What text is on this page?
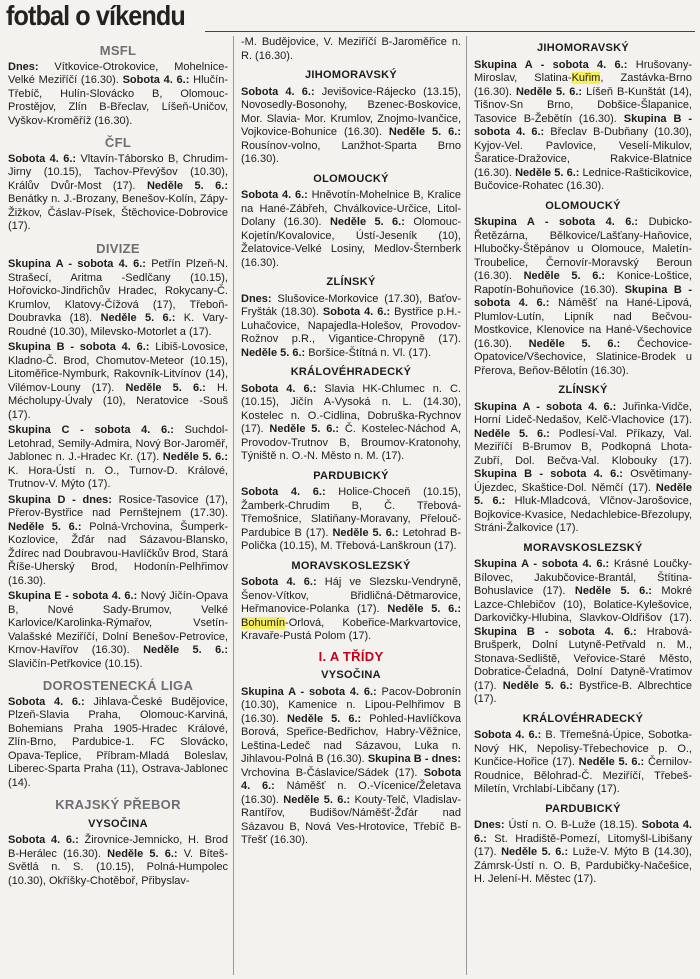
fotbal o víkendu
MSFL
Dnes: Vítkovice-Otrokovice, Mohelnice-Velké Meziříčí (16.30). Sobota 4. 6.: Hlučín-Třebíč, Hulín-Slovácko B, Olomouc-Prostějov, Zlín B-Břeclav, Líšeň-Uničov, Vyškov-Kroměříž (16.30).
ČFL
Sobota 4. 6.: Vltavín-Táborsko B, Chrudim-Jirny (10.15), Tachov-Převýšov (10.30), Králův Dvůr-Most (17). Neděle 5. 6.: Benátky n. J.-Brozany, Benešov-Kolín, Zápy-Žižkov, Čáslav-Písek, Štěchovice-Dobrovice (17).
DIVIZE
Skupina A - sobota 4. 6.: Petřín Plzeň-N. Strašecí, Aritma -Sedlčany (10.15), Hořovicko-Jindřichův Hradec, Rokycany-Č. Krumlov, Klatovy-Čížová (17), Třeboň-Doubravka (18). Neděle 5. 6.: K. Vary-Roudné (10.30), Milevsko-Motorlet a (17).
Skupina B - sobota 4. 6.: Libiš-Lovosice, Kladno-Č. Brod, Chomutov-Meteor (10.15), Litoměřice-Nymburk, Rakovník-Litvínov (14), Vilémov-Louny (17). Neděle 5. 6.: H. Mécholupy-Úvaly (10), Neratovice -Souš (17).
Skupina C - sobota 4. 6.: Suchdol-Letohrad, Semily-Admira, Nový Bor-Jaroměř, Jablonec n. J.-Hradec Kr. (17). Neděle 5. 6.: K. Hora-Ústí n. O., Turnov-D. Králové, Trutnov-V. Mýto (17).
Skupina D - dnes: Rosice-Tasovice (17), Přerov-Bystřice nad Pernštejnem (17.30). Neděle 5. 6.: Polná-Vrchovina, Šumperk-Kozlovice, Žďár nad Sázavou-Blansko, Ždírec nad Doubravou-Havlíčkův Brod, Stará Říše-Uherský Brod, Hodonín-Pelhřimov (16.30).
Skupina E - sobota 4. 6.: Nový Jičín-Opava B, Nové Sady-Brumov, Velké Karlovice/Karolinka-Rýmařov, Vsetín-Valašské Meziříčí, Dolní Benešov-Petrovice, Krnov-Havířov (16.30). Neděle 5. 6.: Slavičín-Petřkovice (10.15).
DOROSTENECKÁ LIGA
Sobota 4. 6.: Jihlava-České Budějovice, Plzeň-Slavia Praha, Olomouc-Karviná, Bohemians Praha 1905-Hradec Králové, Zlín-Brno, Pardubice-1. FC Slovácko, Opava-Teplice, Příbram-Mladá Boleslav, Liberec-Sparta Praha (11), Ostrava-Jablonec (14).
KRAJSKÝ PŘEBOR
VYSOČINA
Sobota 4. 6.: Žirovnice-Jemnicko, H. Brod B-Herálec (16.30). Neděle 5. 6.: V. Bíteš-Světlá n. S. (10.15), Polná-Humpolec (10.30), Okříšky-Chotěboř, Přibyslav-
-M. Budějovice, V. Meziříčí B-Jaroměřice n. R. (16.30).
JIHOMORAVSKÝ
Sobota 4. 6.: Jevišovice-Rájecko (13.15), Novosedly-Bosonohy, Bzenec-Boskovice, Mor. Slavia- Mor. Krumlov, Znojmo-Ivančice, Vojkovice-Bohunice (16.30). Neděle 5. 6.: Rousínov-volno, Lanžhot-Sparta Brno (16.30).
OLOMOUCKÝ
Sobota 4. 6.: Hněvotín-Mohelnice B, Kralice na Hané-Zábřeh, Chválkovice-Určice, Litol-Dolany (16.30). Neděle 5. 6.: Olomouc-Kojetín/Kovalovice, Ústí-Jeseník (10), Želatovice-Velké Losiny, Medlov-Šternberk (16.30).
ZLÍNSKÝ
Dnes: Slušovice-Morkovice (17.30), Baťov-Fryšták (18.30). Sobota 4. 6.: Bystřice p.H.-Luhačovice, Napajedla-Holešov, Provodov-Rožnov p.R., Vigantice-Chropyně (17). Neděle 5. 6.: Boršice-Štítná n. Vl. (17).
KRÁLOVÉHRADECKÝ
Sobota 4. 6.: Slavia HK-Chlumec n. C. (10.15), Jičín A-Vysoká n. L. (14.30), Kostelec n. O.-Cidlina, Dobruška-Rychnov (17). Neděle 5. 6.: Č. Kostelec-Náchod A, Provodov-Trutnov B, Broumov-Kratonohy, Týniště n. O.-N. Město n. M. (17).
PARDUBICKÝ
Sobota 4. 6.: Holice-Choceň (10.15), Žamberk-Chrudim B, Č. Třebová-Třemošnice, Slatiňany-Moravany, Přelouč-Pardubice B (17). Neděle 5. 6.: Letohrad B-Polička (10.15), M. Třebová-Lanškroun (17).
MORAVSKOSLEZSKÝ
Sobota 4. 6.: Háj ve Slezsku-Vendryně, Šenov-Vítkov, Břidličná-Dětmarovice, Heřmanovice-Polanka (17). Neděle 5. 6.: Bohumín-Orlová, Kobeřice-Markvartovice, Kravaře-Pustá Polom (17).
I. A TŘÍDY
VYSOČINA
Skupina A - sobota 4. 6.: Pacov-Dobronín (10.30), Kamenice n. Lipou-Pelhřimov B (16.30). Neděle 5. 6.: Pohled-Havlíčkova Borová, Speřice-Bedřichov, Habry-Věžnice, Leština-Ledeč nad Sázavou, Luka n. Jihlavou-Polná B (16.30). Skupina B - dnes: Vrchovina B-Čáslavice/Sádek (17). Sobota 4. 6.: Náměšť n. O.-Vícenice/Želetava (16.30). Neděle 5. 6.: Kouty-Telč, Vladislav-Rantířov, Budišov/Náměšť-Žďár nad Sázavou B, Nová Ves-Hrotovice, Třebíč B-Třešť (16.30).
JIHOMORAVSKÝ
Skupina A - sobota 4. 6.: Hrušovany-Miroslav, Slatina-Kuřim, Zastávka-Brno (16.30). Neděle 5. 6.: Líšeň B-Kunštát (14), Tišnov-Sn Brno, Dobšice-Šlapanice, Tasovice B-Žebětín (16.30). Skupina B - sobota 4. 6.: Břeclav B-Dubňany (10.30), Kyjov-Vel. Pavlovice, Veselí-Mikulov, Šaratice-Dražovice, Rakvice-Blatnice (16.30). Neděle 5. 6.: Lednice-Rašticikovice, Bučovice-Rohatec (16.30).
OLOMOUCKÝ
Skupina A - sobota 4. 6.: Dubicko-Řetězárna, Bělkovice/Lašťany-Haňovice, Hlubočky-Štěpánov u Olomouce, Maletín-Troubelice, Černovír-Moravský Beroun (16.30). Neděle 5. 6.: Konice-Loštice, Rapotín-Bohuňovice (16.30). Skupina B - sobota 4. 6.: Náměšť na Hané-Lipová, Plumlov-Lutín, Lipník nad Bečvou-Mostkovice, Klenovice na Hané-Všechovice (16.30). Neděle 5. 6.: Čechovice-Opatovice/Všechovice, Slatinice-Brodek u Přerova, Beňov-Bělotín (16.30).
ZLÍNSKÝ
Skupina A - sobota 4. 6.: Juřinka-Vidče, Horní Lideč-Nedašov, Kelč-Vlachovice (17). Neděle 5. 6.: Podlesí-Val. Příkazy, Val. Meziříčí B-Brumov B, Podkopná Lhota-Zubří, Dol. Bečva-Val. Klobouky (17). Skupina B - sobota 4. 6.: Osvětimany-Újezdec, Skaštice-Dol. Němčí (17). Neděle 5. 6.: Hluk-Mladcová, Vlčnov-Jarošovice, Bojkovice-Kvasice, Nedachlebice-Březolupy, Stráni-Žalkovice (17).
MORAVSKOSLEZSKÝ
Skupina A - sobota 4. 6.: Krásné Loučky-Bílovec, Jakubčovice-Brantál, Štítina-Bohuslavice (17). Neděle 5. 6.: Mokré Lazce-Chlebičov (10), Bolatice-Kylešovice, Darkovičky-Hlubina, Slavkov-Oldřišov (17). Skupina B - sobota 4. 6.: Hrabová-Brušperk, Dolní Lutyně-Petřvald n. M., Stonava-Sedliště, Veřovice-Staré Město, Dobratice-Čeladná, Dolní Datyně-Vratimov (17). Neděle 5. 6.: Bystřice-B. Albrechtice (17).
KRÁLOVÉHRADECKÝ
Sobota 4. 6.: B. Třemešná-Úpice, Sobotka-Nový HK, Nepolisy-Třebechovice p. O., Kunčice-Hořice (17). Neděle 5. 6.: Černilov-Roudnice, Bělohrad-Č. Meziříčí, Třebeš-Miletín, Vrchlabí-Libčany (17).
PARDUBICKÝ
Dnes: Ústí n. O. B-Luže (18.15). Sobota 4. 6.: St. Hradiště-Pomezí, Litomyšl-Libišany (17). Neděle 5. 6.: Luže-V. Mýto B (14.30), Zámrsk-Ústí n. O. B, Pardubičky-Načešice, H. Jelení-H. Městec (17).
